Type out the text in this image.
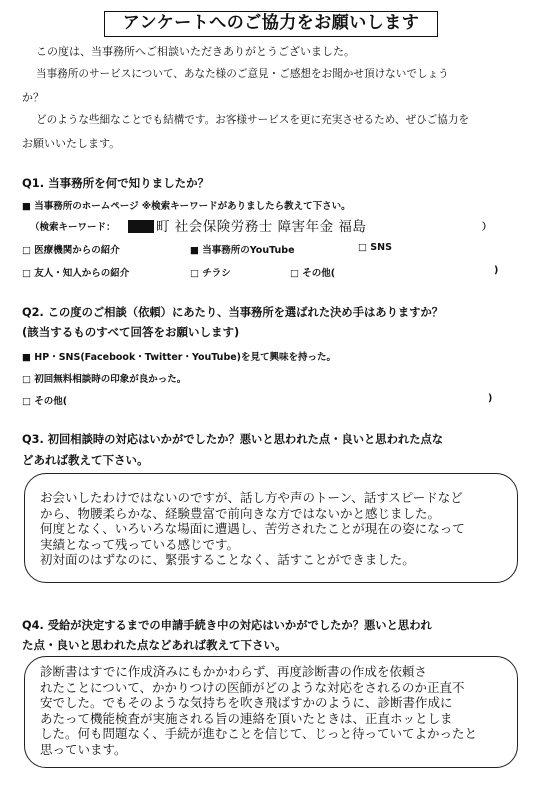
アンケートへのご協力をお願いします
この度は、当事務所へご相談いただきありがとうございました。
当事務所のサービスについて、あなた様のご意見・ご感想をお聞かせ頂けないでしょう
か？
どのような些細なことでも結構です。お客様サービスを更に充実させるため、ぜひご協力を
お願いいたします。
Q1. 当事務所を何で知りましたか？
■ 当事務所のホームページ ※検索キーワードがありましたら教えて下さい。
（検索キーワード：	町 社会保険労務士 障害年金 福島	）
□ 医療機関からの紹介	■ 当事務所のYouTube	□ SNS
□ 友人・知人からの紹介	□ チラシ	□ その他(	)
Q2. この度のご相談（依頼）にあたり、当事務所を選ばれた決め手はありますか？
(該当するものすべて回答をお願いします)
■ HP・SNS(Facebook・Twitter・YouTube)を見て興味を持った。
□ 初回無料相談時の印象が良かった。
□ その他(	)
Q3. 初回相談時の対応はいかがでしたか？悪いと思われた点・良いと思われた点な
どあれば教えて下さい。
お会いしたわけではないのですが、話し方や声のトーン、話すスピードなど
から、物腰柔らかな、経験豊富で前向きな方ではないかと感じました。
何度となく、いろいろな場面に遭遇し、苦労されたことが現在の姿になって
実績となって残っている感じです。
初対面のはずなのに、緊張することなく、話すことができました。
Q4. 受給が決定するまでの申請手続き中の対応はいかがでしたか？悪いと思われ
た点・良いと思われた点などあれば教えて下さい。
診断書はすでに作成済みにもかかわらず、再度診断書の作成を依頼さ
れたことについて、かかりつけの医師がどのような対応をされるのか正直不
安でした。でもそのような気持ちを吹き飛ばすかのように、診断書作成に
あたって機能検査が実施される旨の連絡を頂いたときは、正直ホッとしま
した。何も問題なく、手続が進むことを信じて、じっと待っていてよかったと
思っています。
